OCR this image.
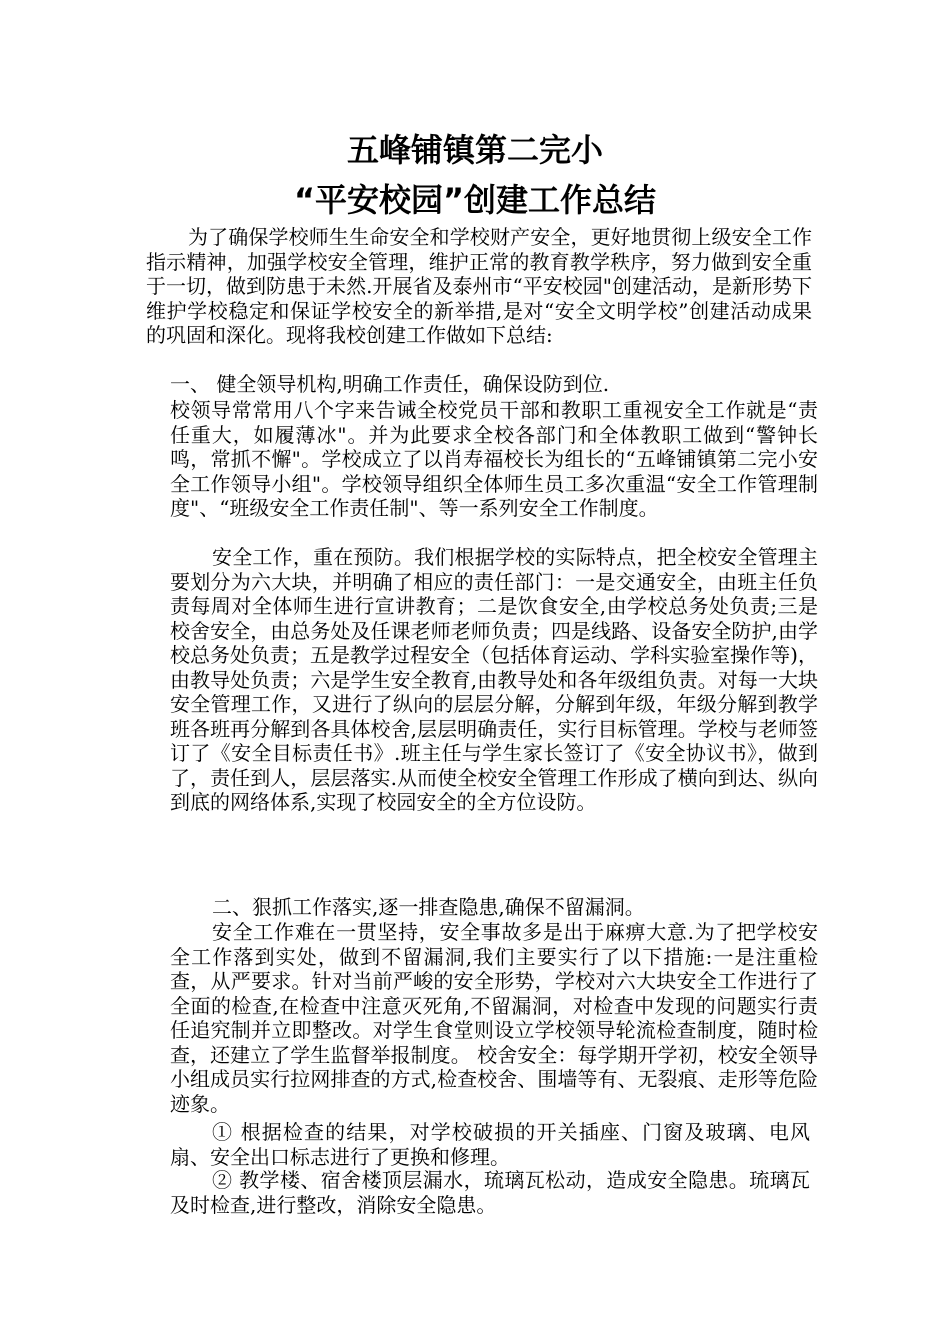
五峰铺镇第二完小
“平安校园”创建工作总结

为了确保学校师生生命安全和学校财产安全，更好地贯彻上级安全工作指示精神，加强学校安全管理，维护正常的教育教学秩序，努力做到安全重于一切，做到防患于未然.开展省及泰州市“平安校园"创建活动，是新形势下维护学校稳定和保证学校安全的新举措,是对“安全文明学校”创建活动成果的巩固和深化。现将我校创建工作做如下总结:

一、 健全领导机构,明确工作责任，确保设防到位.

校领导常常用八个字来告诫全校党员干部和教职工重视安全工作就是“责任重大，如履薄冰"。并为此要求全校各部门和全体教职工做到“警钟长鸣，常抓不懈"。学校成立了以肖寿福校长为组长的“五峰铺镇第二完小安全工作领导小组"。学校领导组织全体师生员工多次重温“安全工作管理制度"、“班级安全工作责任制"、等一系列安全工作制度。

安全工作，重在预防。我们根据学校的实际特点，把全校安全管理主要划分为六大块，并明确了相应的责任部门：一是交通安全，由班主任负责每周对全体师生进行宣讲教育；二是饮食安全,由学校总务处负责;三是校舍安全，由总务处及任课老师老师负责；四是线路、设备安全防护,由学校总务处负责；五是教学过程安全（包括体育运动、学科实验室操作等)，由教导处负责；六是学生安全教育,由教导处和各年级组负责。对每一大块安全管理工作，又进行了纵向的层层分解，分解到年级，年级分解到教学班各班再分解到各具体校舍,层层明确责任，实行目标管理。学校与老师签订了《安全目标责任书》.班主任与学生家长签订了《安全协议书》，做到了，责任到人，层层落实.从而使全校安全管理工作形成了横向到达、纵向到底的网络体系,实现了校园安全的全方位设防。

二、狠抓工作落实,逐一排查隐患,确保不留漏洞。

安全工作难在一贯坚持，安全事故多是出于麻痹大意.为了把学校安全工作落到实处，做到不留漏洞,我们主要实行了以下措施:一是注重检查，从严要求。针对当前严峻的安全形势，学校对六大块安全工作进行了全面的检查,在检查中注意灭死角,不留漏洞，对检查中发现的问题实行责任追究制并立即整改。对学生食堂则设立学校领导轮流检查制度，随时检查，还建立了学生监督举报制度。 校舍安全：每学期开学初，校安全领导小组成员实行拉网排查的方式,检查校舍、围墙等有、无裂痕、走形等危险迹象。

① 根据检查的结果，对学校破损的开关插座、门窗及玻璃、电风扇、安全出口标志进行了更换和修理。

② 教学楼、宿舍楼顶层漏水，琉璃瓦松动，造成安全隐患。琉璃瓦及时检查,进行整改，消除安全隐患。
